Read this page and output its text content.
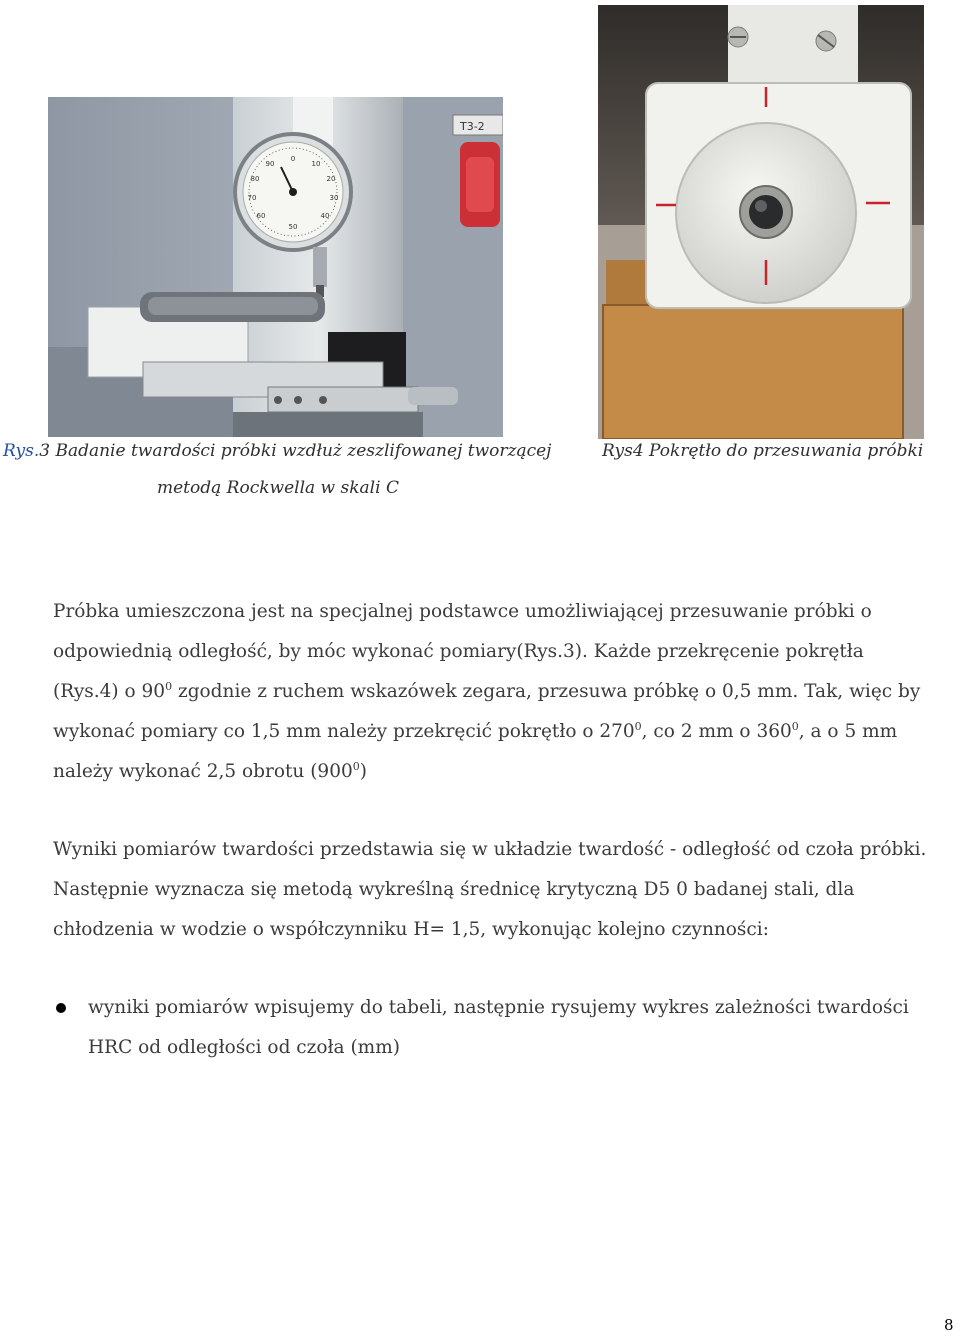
T3-2
0
10
20
30
40
50
60
70
80
90
Rys.3 Badanie twardości próbki wzdłuż zeszlifowanej tworzącej
metodą Rockwella w skali C
Rys4 Pokrętło do przesuwania próbki

Próbka umieszczona jest na specjalnej podstawce umożliwiającej przesuwanie próbki o
odpowiednią odległość, by móc wykonać pomiary(Rys.3). Każde przekręcenie pokrętła
(Rys.4) o $90^0$ zgodnie z ruchem wskazówek zegara, przesuwa próbkę o 0,5 mm. Tak, więc by
wykonać pomiary co 1,5 mm należy przekręcić pokrętło o $270^0$, co 2 mm o $360^0$, a o 5 mm
należy wykonać 2,5 obrotu $(900^0)$

Wyniki pomiarów twardości przedstawia się w układzie twardość - odległość od czoła próbki.
Następnie wyznacza się metodą wykreślną średnicę krytyczną D5 0 badanej stali, dla
chłodzenia w wodzie o współczynniku H= 1,5, wykonując kolejno czynności:

wyniki pomiarów wpisujemy do tabeli, następnie rysujemy wykres zależności twardości
HRC od odległości od czoła (mm)

8
